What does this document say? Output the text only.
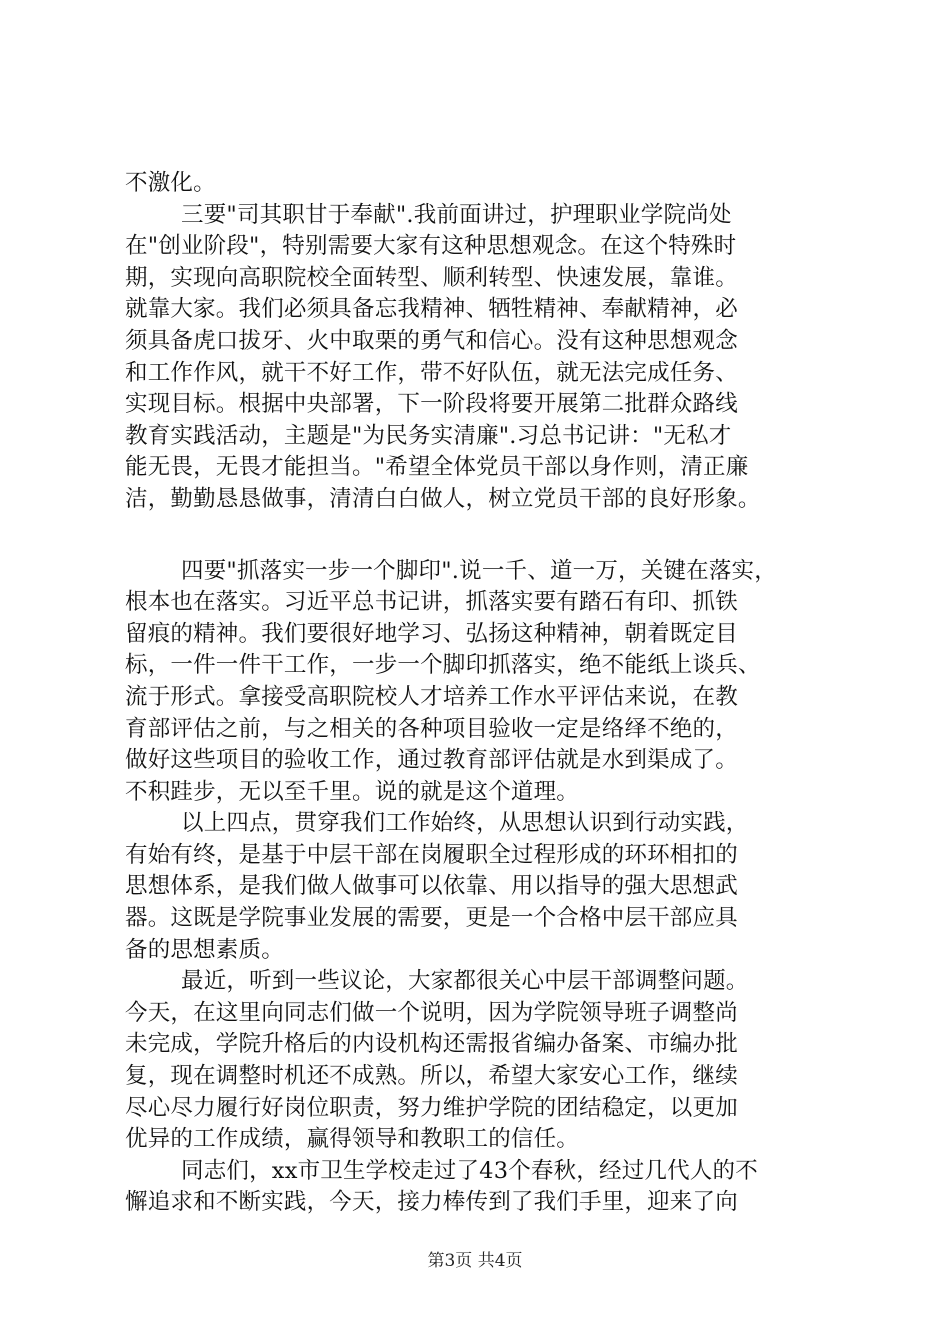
不激化。
三要"司其职甘于奉献".我前面讲过，护理职业学院尚处
在"创业阶段"，特别需要大家有这种思想观念。在这个特殊时
期，实现向高职院校全面转型、顺利转型、快速发展，靠谁。
就靠大家。我们必须具备忘我精神、牺牲精神、奉献精神，必
须具备虎口拔牙、火中取栗的勇气和信心。没有这种思想观念
和工作作风，就干不好工作，带不好队伍，就无法完成任务、
实现目标。根据中央部署，下一阶段将要开展第二批群众路线
教育实践活动，主题是"为民务实清廉".习总书记讲："无私才
能无畏，无畏才能担当。"希望全体党员干部以身作则，清正廉
洁，勤勤恳恳做事，清清白白做人，树立党员干部的良好形象。
四要"抓落实一步一个脚印".说一千、道一万，关键在落实，
根本也在落实。习近平总书记讲，抓落实要有踏石有印、抓铁
留痕的精神。我们要很好地学习、弘扬这种精神，朝着既定目
标，一件一件干工作，一步一个脚印抓落实，绝不能纸上谈兵、
流于形式。拿接受高职院校人才培养工作水平评估来说，在教
育部评估之前，与之相关的各种项目验收一定是络绎不绝的，
做好这些项目的验收工作，通过教育部评估就是水到渠成了。
不积跬步，无以至千里。说的就是这个道理。
以上四点，贯穿我们工作始终，从思想认识到行动实践，
有始有终，是基于中层干部在岗履职全过程形成的环环相扣的
思想体系，是我们做人做事可以依靠、用以指导的强大思想武
器。这既是学院事业发展的需要，更是一个合格中层干部应具
备的思想素质。
最近，听到一些议论，大家都很关心中层干部调整问题。
今天，在这里向同志们做一个说明，因为学院领导班子调整尚
未完成，学院升格后的内设机构还需报省编办备案、市编办批
复，现在调整时机还不成熟。所以，希望大家安心工作，继续
尽心尽力履行好岗位职责，努力维护学院的团结稳定，以更加
优异的工作成绩，赢得领导和教职工的信任。
同志们，xx市卫生学校走过了43个春秋，经过几代人的不
懈追求和不断实践，今天，接力棒传到了我们手里，迎来了向
第3页 共4页
